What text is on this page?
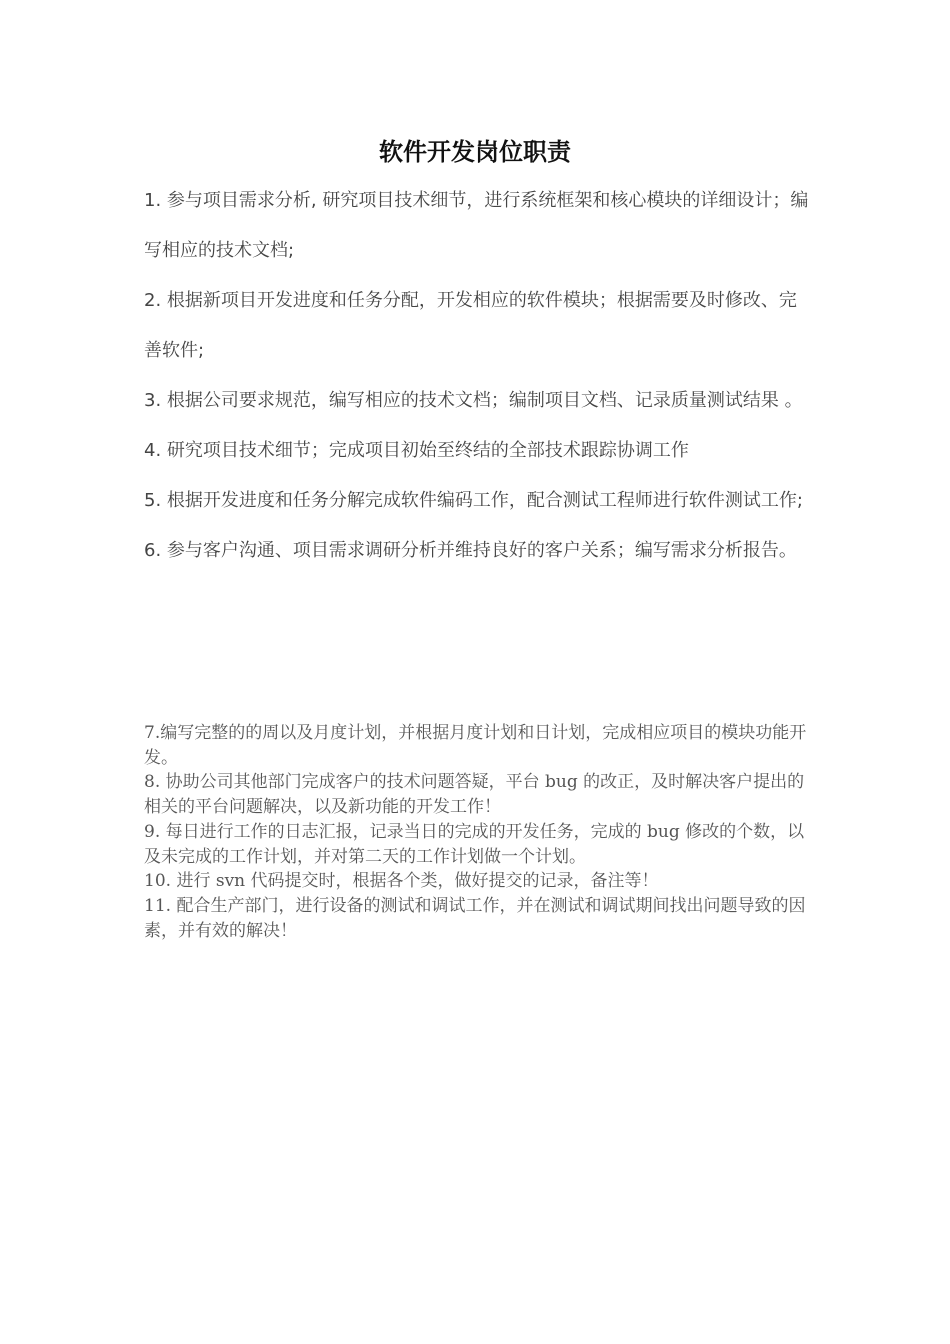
软件开发岗位职责
1. 参与项目需求分析, 研究项目技术细节，进行系统框架和核心模块的详细设计；编写相应的技术文档;
2. 根据新项目开发进度和任务分配，开发相应的软件模块；根据需要及时修改、完善软件;
3. 根据公司要求规范，编写相应的技术文档；编制项目文档、记录质量测试结果 。
4. 研究项目技术细节；完成项目初始至终结的全部技术跟踪协调工作
5. 根据开发进度和任务分解完成软件编码工作，配合测试工程师进行软件测试工作;
6. 参与客户沟通、项目需求调研分析并维持良好的客户关系；编写需求分析报告。
7.编写完整的的周以及月度计划，并根据月度计划和日计划，完成相应项目的模块功能开发。
8. 协助公司其他部门完成客户的技术问题答疑，平台 bug 的改正，及时解决客户提出的相关的平台问题解决，以及新功能的开发工作！
9. 每日进行工作的日志汇报，记录当日的完成的开发任务，完成的 bug 修改的个数，以及未完成的工作计划，并对第二天的工作计划做一个计划。
10. 进行 svn 代码提交时，根据各个类，做好提交的记录，备注等！
11. 配合生产部门，进行设备的测试和调试工作，并在测试和调试期间找出问题导致的因素，并有效的解决！
